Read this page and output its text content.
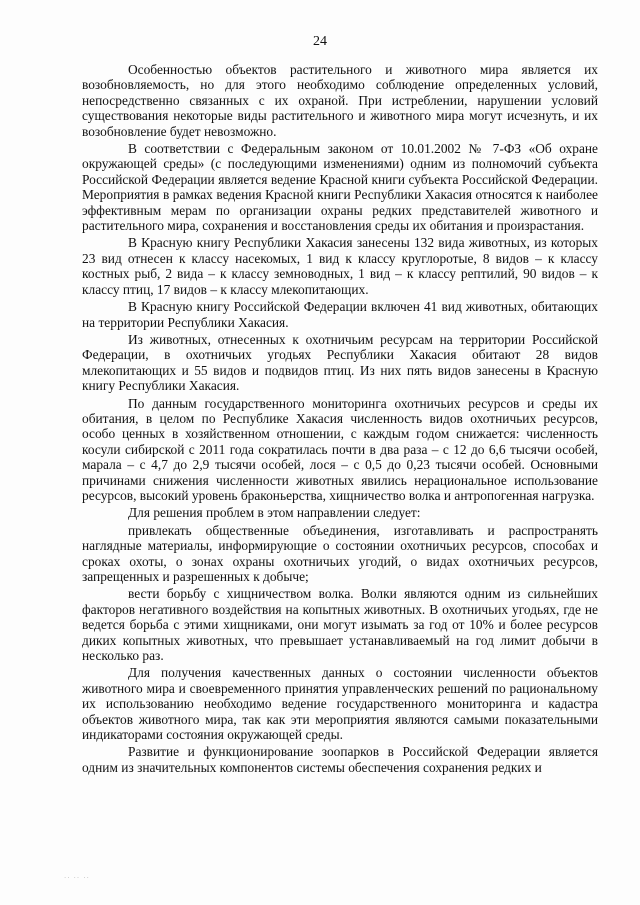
24

Особенностью объектов растительного и животного мира является их возобновляемость, но для этого необходимо соблюдение определенных условий, непосредственно связанных с их охраной. При истреблении, нарушении условий существования некоторые виды растительного и животного мира могут исчезнуть, и их возобновление будет невозможно.

В соответствии с Федеральным законом от 10.01.2002 № 7-ФЗ «Об охране окружающей среды» (с последующими изменениями) одним из полномочий субъекта Российской Федерации является ведение Красной книги субъекта Российской Федерации. Мероприятия в рамках ведения Красной книги Республики Хакасия относятся к наиболее эффективным мерам по организации охраны редких представителей животного и растительного мира, сохранения и восстановления среды их обитания и произрастания.

В Красную книгу Республики Хакасия занесены 132 вида животных, из которых 23 вид отнесен к классу насекомых, 1 вид к классу круглоротые, 8 видов – к классу костных рыб, 2 вида – к классу земноводных, 1 вид – к классу рептилий, 90 видов – к классу птиц, 17 видов – к классу млекопитающих.

В Красную книгу Российской Федерации включен 41 вид животных, обитающих на территории Республики Хакасия.

Из животных, отнесенных к охотничьим ресурсам на территории Российской Федерации, в охотничьих угодьях Республики Хакасия обитают 28 видов млекопитающих и 55 видов и подвидов птиц. Из них пять видов занесены в Красную книгу Республики Хакасия.

По данным государственного мониторинга охотничьих ресурсов и среды их обитания, в целом по Республике Хакасия численность видов охотничьих ресурсов, особо ценных в хозяйственном отношении, с каждым годом снижается: численность косули сибирской с 2011 года сократилась почти в два раза – с 12 до 6,6 тысячи особей, марала – с 4,7 до 2,9 тысячи особей, лося – с 0,5 до 0,23 тысячи особей. Основными причинами снижения численности животных явились нерациональное использование ресурсов, высокий уровень браконьерства, хищничество волка и антропогенная нагрузка.

Для решения проблем в этом направлении следует:

привлекать общественные объединения, изготавливать и распространять наглядные материалы, информирующие о состоянии охотничьих ресурсов, способах и сроках охоты, о зонах охраны охотничьих угодий, о видах охотничьих ресурсов, запрещенных и разрешенных к добыче;

вести борьбу с хищничеством волка. Волки являются одним из сильнейших факторов негативного воздействия на копытных животных. В охотничьих угодьях, где не ведется борьба с этими хищниками, они могут изымать за год от 10% и более ресурсов диких копытных животных, что превышает устанавливаемый на год лимит добычи в несколько раз.

Для получения качественных данных о состоянии численности объектов животного мира и своевременного принятия управленческих решений по рациональному их использованию необходимо ведение государственного мониторинга и кадастра объектов животного мира, так как эти мероприятия являются самыми показательными индикаторами состояния окружающей среды.

Развитие и функционирование зоопарков в Российской Федерации является одним из значительных компонентов системы обеспечения сохранения редких и

·· ·· ··
